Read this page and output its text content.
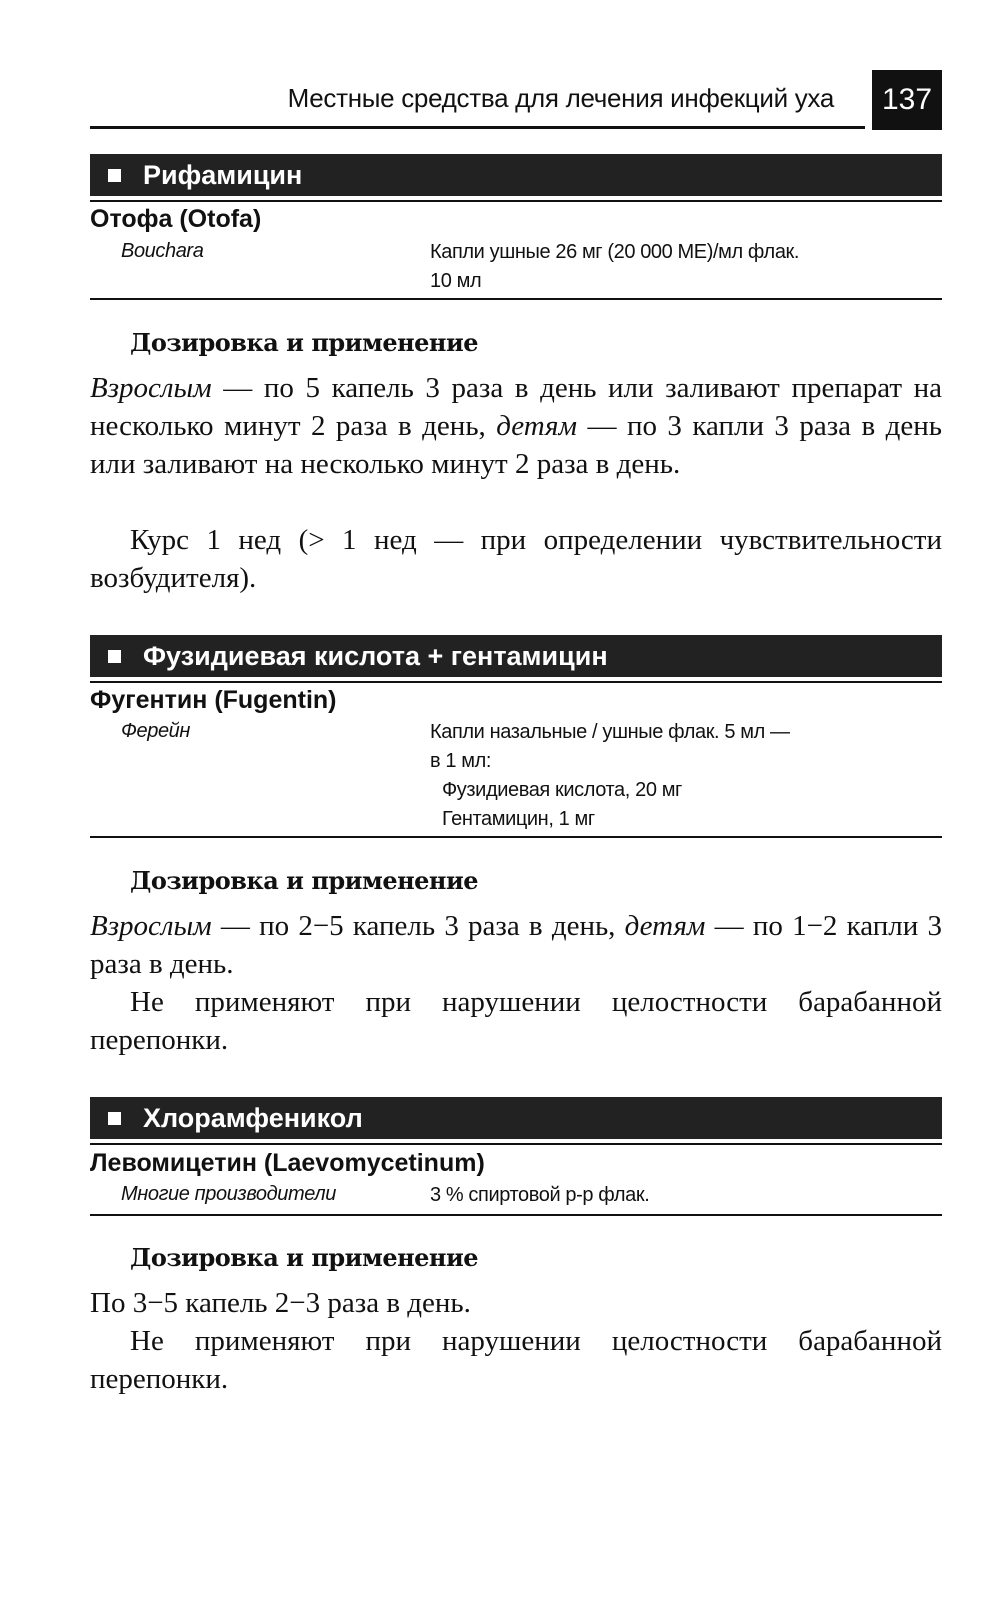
Местные средства для лечения инфекций уха	137
Рифамицин
Отофа (Otofa)
Bouchara	Капли ушные 26 мг (20 000 МЕ)/мл флак.
10 мл
Дозировка и применение
Взрослым — по 5 капель 3 раза в день или заливают препарат на несколько минут 2 раза в день, детям — по 3 капли 3 раза в день или заливают на несколько минут 2 раза в день.
Курс 1 нед (> 1 нед — при определении чувствительности возбудителя).
Фузидиевая кислота + гентамицин
Фугентин (Fugentin)
Ферейн	Капли назальные / ушные флак. 5 мл —
в 1 мл:
Фузидиевая кислота, 20 мг
Гентамицин, 1 мг
Дозировка и применение
Взрослым — по 2−5 капель 3 раза в день, детям — по 1−2 капли 3 раза в день.
Не применяют при нарушении целостности барабанной перепонки.
Хлорамфеникол
Левомицетин (Laevomycetinum)
Многие производители	3 % спиртовой р-р флак.
Дозировка и применение
По 3−5 капель 2−3 раза в день.
Не применяют при нарушении целостности барабанной перепонки.
